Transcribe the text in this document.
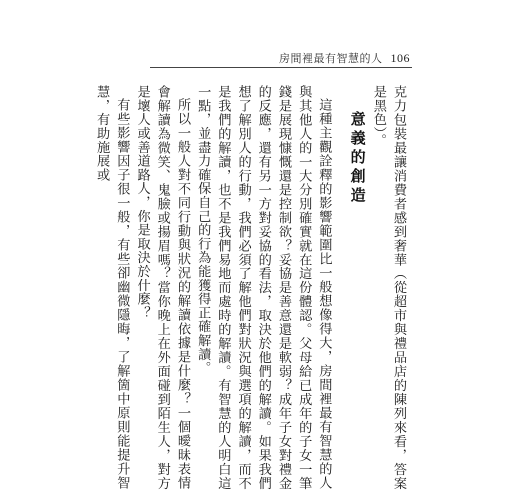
房間裡最有智慧的人 106

克力包裝最讓消費者感到奢華（從超市與禮品店的陳列來看，答案是黑色）。

意義的創造

這種主觀詮釋的影響範圍比一般想像得大，房間裡最有智慧的人與其他人的一大分別確實就在這份體認。父母給已成年的子女一筆錢是展現慷慨還是控制欲？妥協是善意還是軟弱？成年子女對禮金的反應，還有另一方對妥協的看法，取決於他們的解讀。如果我們想了解別人的行動，我們必須了解他們對狀況與選項的解讀，而不是我們的解讀，也不是我們易地而處時的解讀。有智慧的人明白這一點，並盡力確保自己的行為能獲得正確解讀。

所以一般人對不同行動與狀況的解讀依據是什麼？一個曖昧表情會解讀為微笑、鬼臉或揚眉嗎？當你晚上在外面碰到陌生人，對方是壞人或善道路人，你是取決於什麼？

有些影響因子很一般，有些卻幽微隱晦，了解箇中原則能提升智慧，有助施展或
